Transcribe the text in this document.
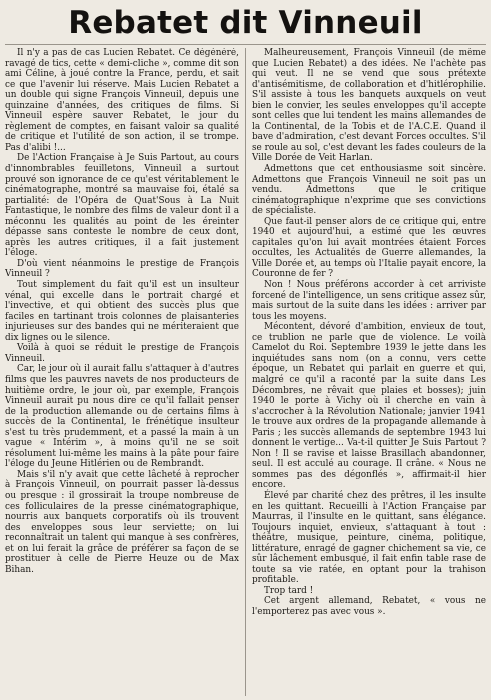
Rebatet dit Vinneuil

Il n'y a pas de cas Lucien Rebatet. Ce dégénéré, ravagé de tics, cette « demi-cliche », comme dit son ami Céline, à joué contre la France, perdu, et sait ce que l'avenir lui réserve. Mais Lucien Rebatet a un double qui signe François Vinneuil, depuis une quinzaine d'années, des critiques de films. Si Vinneuil espère sauver Rebatet, le jour du règlement de comptes, en faisant valoir sa qualité de critique et l'utilité de son action, il se trompe. Pas d'alibi !...

De l'Action Française à Je Suis Partout, au cours d'innombrables feuilletons, Vinneuil a surtout prouvé son ignorance de ce qu'est véritablement le cinématographe, montré sa mauvaise foi, étalé sa partialité: de l'Opéra de Quat'Sous à La Nuit Fantastique, le nombre des films de valeur dont il a méconnu les qualités au point de les éreinter dépasse sans conteste le nombre de ceux dont, après les autres critiques, il a fait justement l'éloge.

D'où vient néanmoins le prestige de François Vinneuil ?

Tout simplement du fait qu'il est un insulteur vénal, qui excelle dans le portrait chargé et l'invective, et qui obtient des succès plus que faciles en tartinant trois colonnes de plaisanteries injurieuses sur des bandes qui ne mériteraient que dix lignes ou le silence.

Voilà à quoi se réduit le prestige de François Vinneuil.

Car, le jour où il aurait fallu s'attaquer à d'autres films que les pauvres navets de nos producteurs de huitième ordre, le jour où, par exemple, François Vinneuil aurait pu nous dire ce qu'il fallait penser de la production allemande ou de certains films à succès de la Continental, le frénétique insulteur s'est tu très prudemment, et a passé la main à un vague « Intérim », à moins qu'il ne se soit résolument lui-même les mains à la pâte pour faire l'éloge du Jeune Hitlérien ou de Rembrandt.

Mais s'il n'y avait que cette lâcheté à reprocher à François Vinneuil, on pourrait passer là-dessus ou presque : il grossirait la troupe nombreuse de ces folliculaires de la presse cinématographique, nourris aux banquets corporatifs où ils trouvent des enveloppes sous leur serviette; on lui reconnaîtrait un talent qui manque à ses confrères, et on lui ferait la grâce de préférer sa façon de se prostituer à celle de Pierre Heuze ou de Max Bihan.

Malheureusement, François Vinneuil (de même que Lucien Rebatet) a des idées. Ne l'achète pas qui veut. Il ne se vend que sous prétexte d'antisémitisme, de collaboration et d'hitlérophilie. S'il assiste à tous les banquets auxquels on veut bien le convier, les seules enveloppes qu'il accepte sont celles que lui tendent les mains allemandes de la Continental, de la Tobis et de l'A.C.E. Quand il bave d'admiration, c'est devant Forces occultes. S'il se roule au sol, c'est devant les fades couleurs de la Ville Dorée de Veit Harlan.

Admettons que cet enthousiasme soit sincère. Admettons que François Vinneuil ne soit pas un vendu. Admettons que le critique cinématographique n'exprime que ses convictions de spécialiste.

Que faut-il penser alors de ce critique qui, entre 1940 et aujourd'hui, a estimé que les œuvres capitales qu'on lui avait montrées étaient Forces occultes, les Actualités de Guerre allemandes, la Ville Dorée et, au temps où l'Italie payait encore, la Couronne de fer ?

Non ! Nous préférons accorder à cet arriviste forcené de l'intelligence, un sens critique assez sûr, mais surtout de la suite dans les idées : arriver par tous les moyens.

Mécontent, dévoré d'ambition, envieux de tout, ce trublion ne parle que de violence. Le voilà Camelot du Roi. Septembre 1939 le jette dans les inquiétudes sans nom (on a connu, vers cette époque, un Rebatet qui parlait en guerre et qui, malgré ce qu'il a raconté par la suite dans Les Décombres, ne rêvait que plaies et bosses); juin 1940 le porte à Vichy où il cherche en vain à s'accrocher à la Révolution Nationale; janvier 1941 le trouve aux ordres de la propagande allemande à Paris ; les succès allemands de septembre 1943 lui donnent le vertige... Va-t-il quitter Je Suis Partout ? Non ! Il se ravise et laisse Brasillach abandonner, seul. Il est acculé au courage. Il crâne. « Nous ne sommes pas des dégonflés », affirmait-il hier encore.

Élevé par charité chez des prêtres, il les insulte en les quittant. Recueilli à l'Action Française par Maurras, il l'insulte en le quittant, sans élégance. Toujours inquiet, envieux, s'attaquant à tout : théâtre, musique, peinture, cinéma, politique, littérature, enragé de gagner chichement sa vie, ce sûr lâchement embusqué, il fait enfin table rase de toute sa vie ratée, en optant pour la trahison profitable.

Trop tard !

Cet argent allemand, Rebatet, « vous ne l'emporterez pas avec vous ».
